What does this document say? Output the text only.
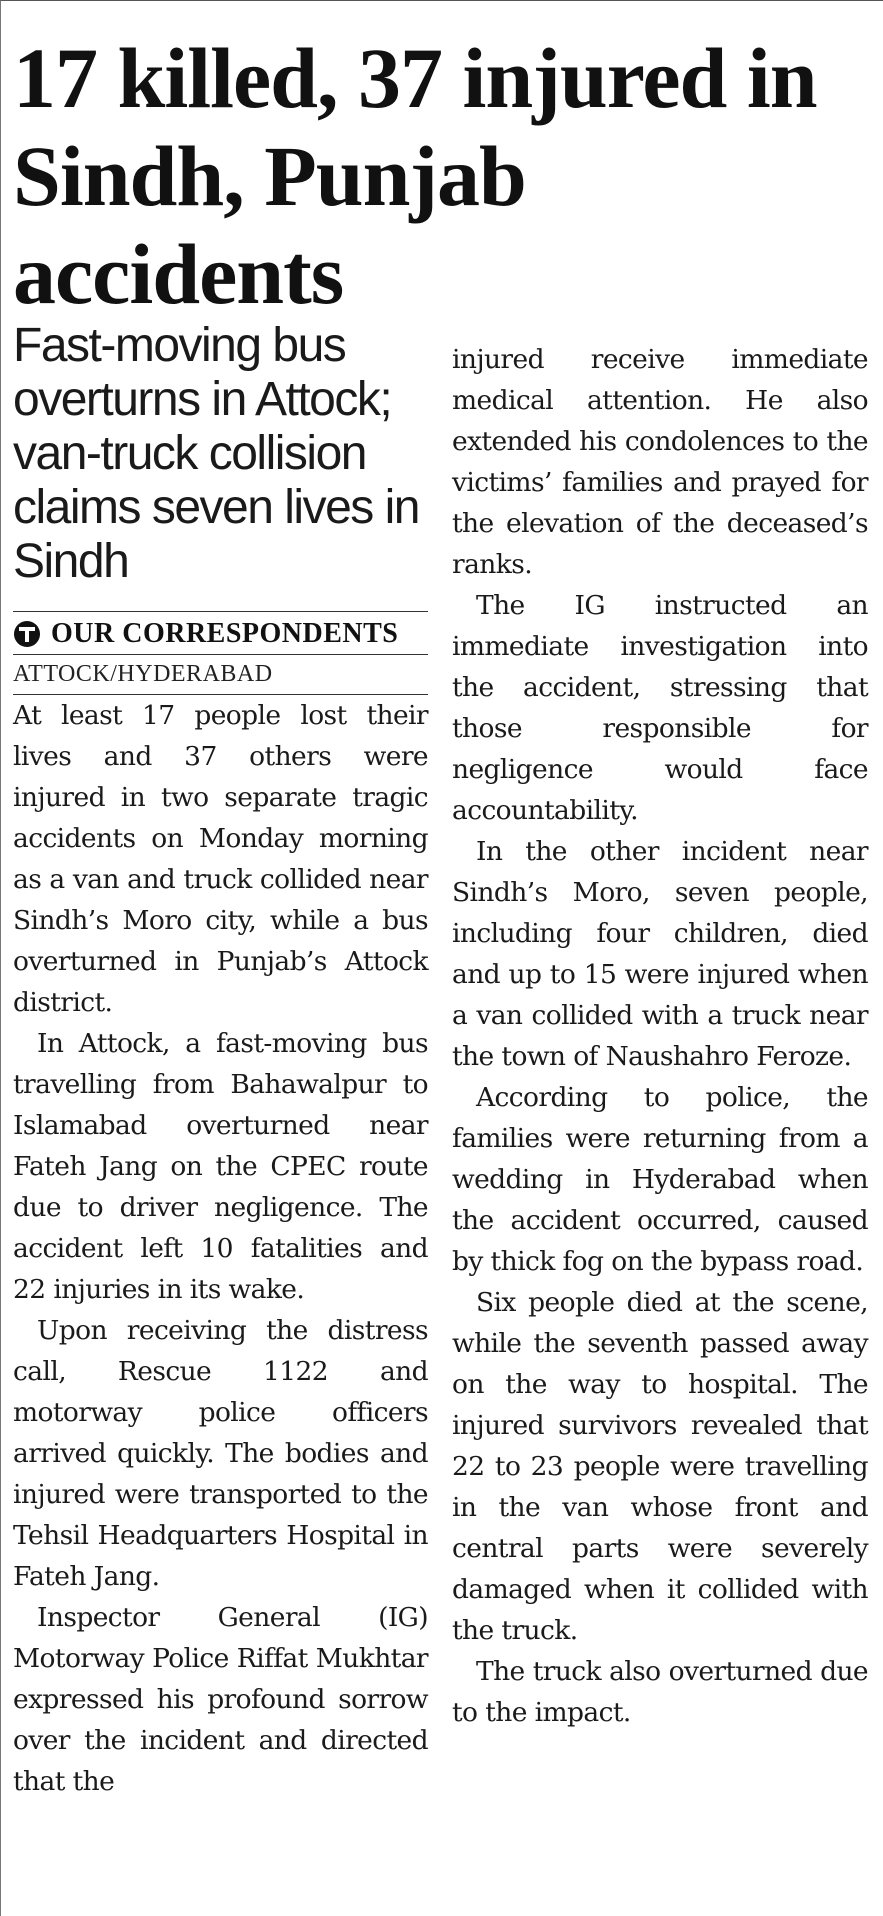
17 killed, 37 injured in Sindh, Punjab accidents

Fast-moving bus overturns in Attock; van-truck collision claims seven lives in Sindh

OUR CORRESPONDENTS
ATTOCK/HYDERABAD

At least 17 people lost their lives and 37 others were injured in two separate tragic accidents on Monday morning as a van and truck collided near Sindh’s Moro city, while a bus overturned in Punjab’s Attock district.

In Attock, a fast-moving bus travelling from Bahawalpur to Islamabad overturned near Fateh Jang on the CPEC route due to driver negligence. The accident left 10 fatalities and 22 injuries in its wake.

Upon receiving the distress call, Rescue 1122 and motorway police officers arrived quickly. The bodies and injured were transported to the Tehsil Headquarters Hospital in Fateh Jang.

Inspector General (IG) Motorway Police Riffat Mukhtar expressed his profound sorrow over the incident and directed that the

injured receive immediate medical attention. He also extended his condolences to the victims’ families and prayed for the elevation of the deceased’s ranks.

The IG instructed an immediate investigation into the accident, stressing that those responsible for negligence would face accountability.

In the other incident near Sindh’s Moro, seven people, including four children, died and up to 15 were injured when a van collided with a truck near the town of Naushahro Feroze.

According to police, the families were returning from a wedding in Hyderabad when the accident occurred, caused by thick fog on the bypass road.

Six people died at the scene, while the seventh passed away on the way to hospital. The injured survivors revealed that 22 to 23 people were travelling in the van whose front and central parts were severely damaged when it collided with the truck.

The truck also overturned due to the impact.
